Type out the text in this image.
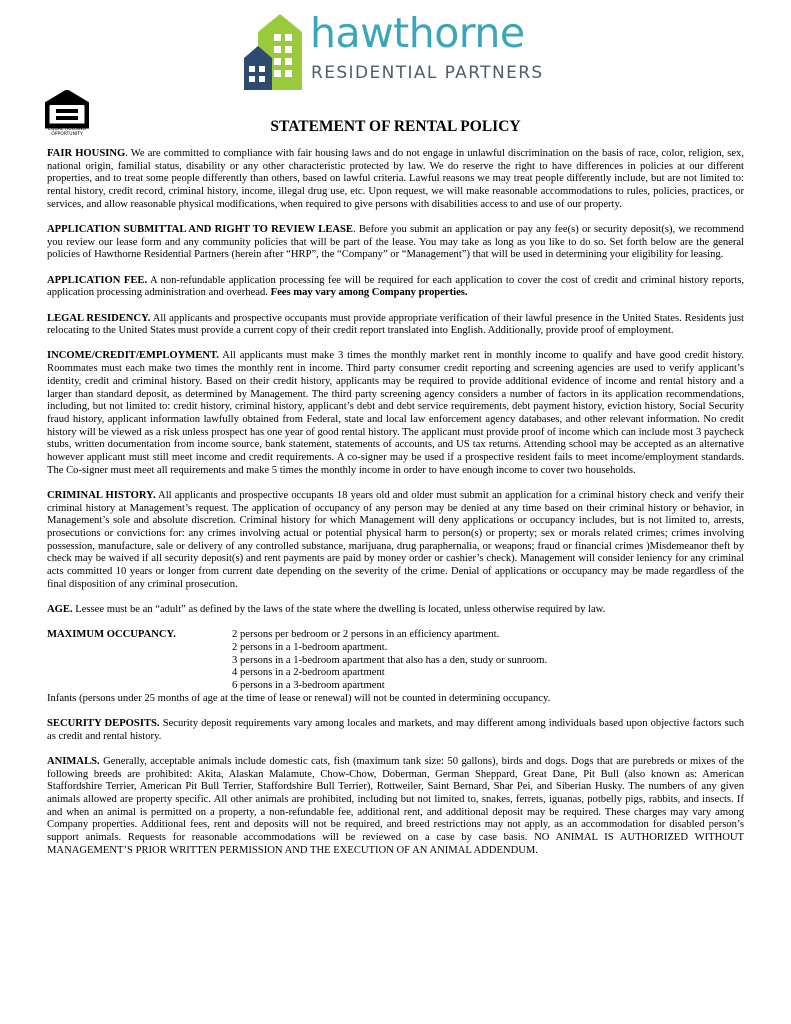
hawthorne
RESIDENTIAL PARTNERS
EQUAL HOUSING OPPORTUNITY	STATEMENT OF RENTAL POLICY

FAIR HOUSING. We are committed to compliance with fair housing laws and do not engage in unlawful discrimination on the basis of race, color, religion, sex, national origin, familial status, disability or any other characteristic protected by law. We do reserve the right to have differences in policies at our different properties, and to treat some people differently than others, based on lawful criteria. Lawful reasons we may treat people differently include, but are not limited to: rental history, credit record, criminal history, income, illegal drug use, etc. Upon request, we will make reasonable accommodations to rules, policies, practices, or services, and allow reasonable physical modifications, when required to give persons with disabilities access to and use of our property.

APPLICATION SUBMITTAL AND RIGHT TO REVIEW LEASE. Before you submit an application or pay any fee(s) or security deposit(s), we recommend you review our lease form and any community policies that will be part of the lease. You may take as long as you like to do so. Set forth below are the general policies of Hawthorne Residential Partners (herein after “HRP”, the “Company” or “Management”) that will be used in determining your eligibility for leasing.

APPLICATION FEE. A non-refundable application processing fee will be required for each application to cover the cost of credit and criminal history reports, application processing administration and overhead. Fees may vary among Company properties.

LEGAL RESIDENCY. All applicants and prospective occupants must provide appropriate verification of their lawful presence in the United States. Residents just relocating to the United States must provide a current copy of their credit report translated into English. Additionally, provide proof of employment.

INCOME/CREDIT/EMPLOYMENT. All applicants must make 3 times the monthly market rent in monthly income to qualify and have good credit history. Roommates must each make two times the monthly rent in income. Third party consumer credit reporting and screening agencies are used to verify applicant’s identity, credit and criminal history. Based on their credit history, applicants may be required to provide additional evidence of income and rental history and a larger than standard deposit, as determined by Management. The third party screening agency considers a number of factors in its application recommendations, including, but not limited to: credit history, criminal history, applicant’s debt and debt service requirements, debt payment history, eviction history, Social Security fraud history, applicant information lawfully obtained from Federal, state and local law enforcement agency databases, and other relevant information. No credit history will be viewed as a risk unless prospect has one year of good rental history. The applicant must provide proof of income which can include most 3 paycheck stubs, written documentation from income source, bank statement, statements of accounts, and US tax returns. Attending school may be accepted as an alternative however applicant must still meet income and credit requirements. A co-signer may be used if a prospective resident fails to meet income/employment standards. The Co-signer must meet all requirements and make 5 times the monthly income in order to have enough income to cover two households.

CRIMINAL HISTORY. All applicants and prospective occupants 18 years old and older must submit an application for a criminal history check and verify their criminal history at Management’s request. The application of occupancy of any person may be denied at any time based on their criminal history or behavior, in Management’s sole and absolute discretion. Criminal history for which Management will deny applications or occupancy includes, but is not limited to, arrests, prosecutions or convictions for: any crimes involving actual or potential physical harm to person(s) or property; sex or morals related crimes; crimes involving possession, manufacture, sale or delivery of any controlled substance, marijuana, drug paraphernalia, or weapons; fraud or financial crimes )Misdemeanor theft by check may be waived if all security deposit(s) and rent payments are paid by money order or cashier’s check). Management will consider leniency for any criminal acts committed 10 years or longer from current date depending on the severity of the crime. Denial of applications or occupancy may be made regardless of the final disposition of any criminal prosecution.

AGE. Lessee must be an “adult” as defined by the laws of the state where the dwelling is located, unless otherwise required by law.

MAXIMUM OCCUPANCY.	2 persons per bedroom or 2 persons in an efficiency apartment.
2 persons in a 1-bedroom apartment.
3 persons in a 1-bedroom apartment that also has a den, study or sunroom.
4 persons in a 2-bedroom apartment
6 persons in a 3-bedroom apartment
Infants (persons under 25 months of age at the time of lease or renewal) will not be counted in determining occupancy.

SECURITY DEPOSITS. Security deposit requirements vary among locales and markets, and may different among individuals based upon objective factors such as credit and rental history.

ANIMALS. Generally, acceptable animals include domestic cats, fish (maximum tank size: 50 gallons), birds and dogs. Dogs that are purebreds or mixes of the following breeds are prohibited: Akita, Alaskan Malamute, Chow-Chow, Doberman, German Sheppard, Great Dane, Pit Bull (also known as: American Staffordshire Terrier, American Pit Bull Terrier, Staffordshire Bull Terrier), Rottweiler, Saint Bernard, Shar Pei, and Siberian Husky. The numbers of any given animals allowed are property specific. All other animals are prohibited, including but not limited to, snakes, ferrets, iguanas, potbelly pigs, rabbits, and insects. If and when an animal is permitted on a property, a non-refundable fee, additional rent, and additional deposit may be required. These charges may vary among Company properties. Additional fees, rent and deposits will not be required, and breed restrictions may not apply, as an accommodation for disabled person’s support animals. Requests for reasonable accommodations will be reviewed on a case by case basis. NO ANIMAL IS AUTHORIZED WITHOUT MANAGEMENT’S PRIOR WRITTEN PERMISSION AND THE EXECUTION OF AN ANIMAL ADDENDUM.
